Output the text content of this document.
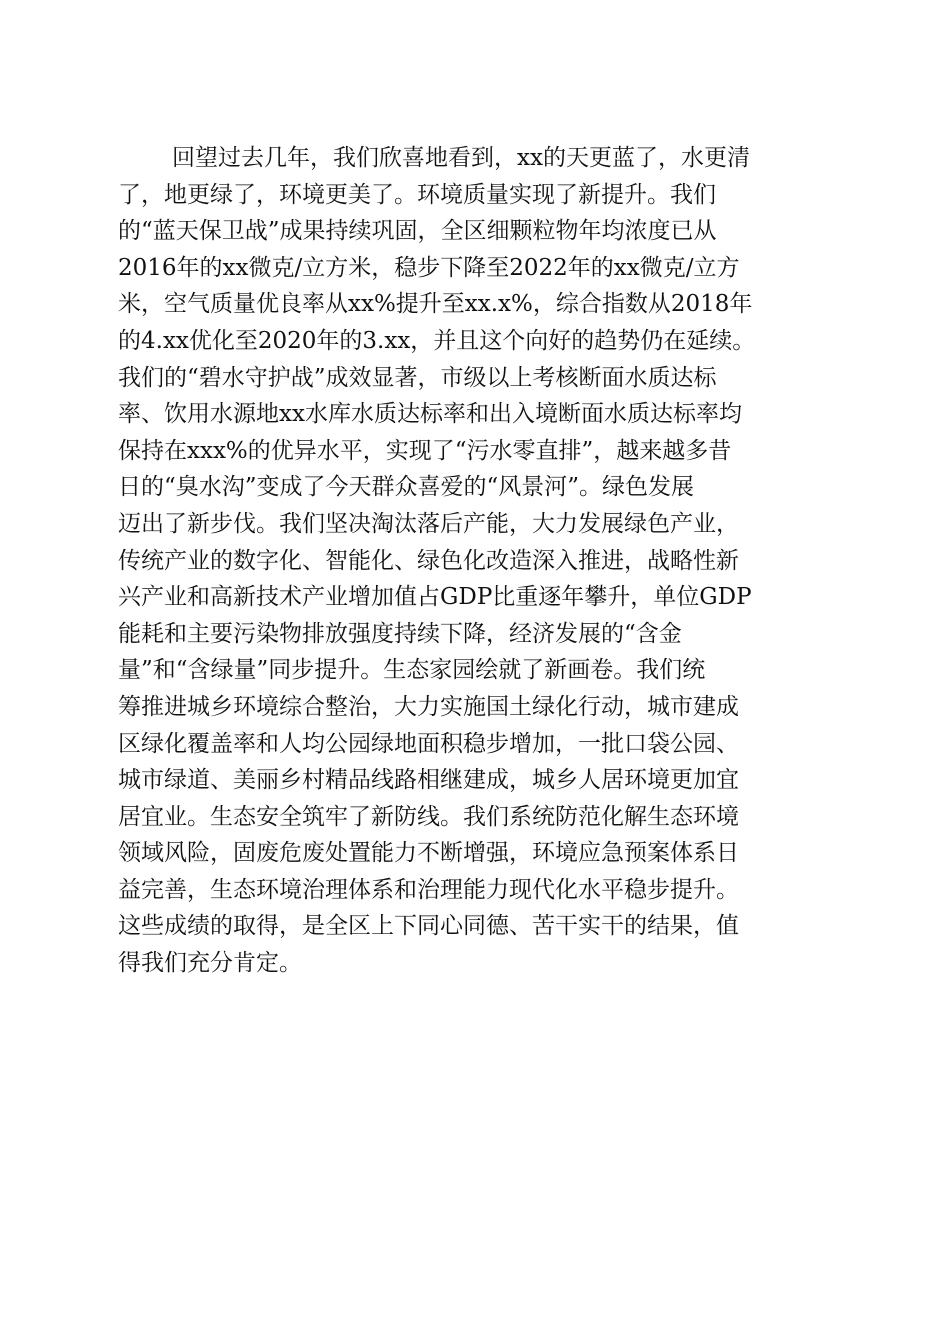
回望过去几年，我们欣喜地看到，xx的天更蓝了，水更清
了，地更绿了，环境更美了。环境质量实现了新提升。我们
的“蓝天保卫战”成果持续巩固，全区细颗粒物年均浓度已从
2016年的xx微克/立方米，稳步下降至2022年的xx微克/立方
米，空气质量优良率从xx%提升至xx.x%，综合指数从2018年
的4.xx优化至2020年的3.xx，并且这个向好的趋势仍在延续。
我们的“碧水守护战”成效显著，市级以上考核断面水质达标
率、饮用水源地xx水库水质达标率和出入境断面水质达标率均
保持在xxx%的优异水平，实现了“污水零直排”，越来越多昔
日的“臭水沟”变成了今天群众喜爱的“风景河”。绿色发展
迈出了新步伐。我们坚决淘汰落后产能，大力发展绿色产业，
传统产业的数字化、智能化、绿色化改造深入推进，战略性新
兴产业和高新技术产业增加值占GDP比重逐年攀升，单位GDP
能耗和主要污染物排放强度持续下降，经济发展的“含金
量”和“含绿量”同步提升。生态家园绘就了新画卷。我们统
筹推进城乡环境综合整治，大力实施国土绿化行动，城市建成
区绿化覆盖率和人均公园绿地面积稳步增加，一批口袋公园、
城市绿道、美丽乡村精品线路相继建成，城乡人居环境更加宜
居宜业。生态安全筑牢了新防线。我们系统防范化解生态环境
领域风险，固废危废处置能力不断增强，环境应急预案体系日
益完善，生态环境治理体系和治理能力现代化水平稳步提升。
这些成绩的取得，是全区上下同心同德、苦干实干的结果，值
得我们充分肯定。
